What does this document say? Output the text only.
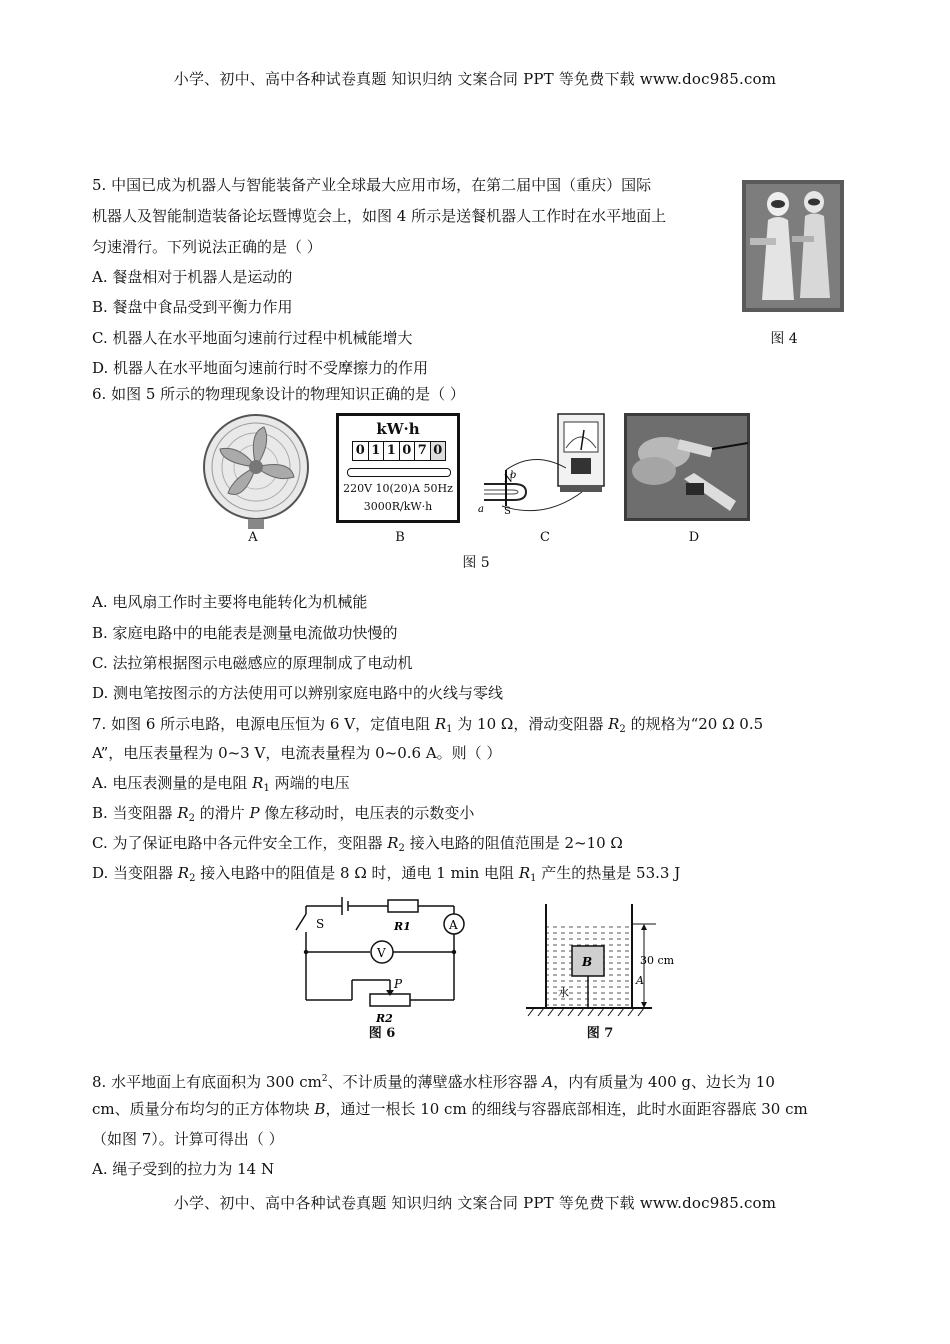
小学、初中、高中各种试卷真题 知识归纳 文案合同 PPT 等免费下载 www.doc985.com
5. 中国已成为机器人与智能装备产业全球最大应用市场，在第二届中国（重庆）国际
机器人及智能制造装备论坛暨博览会上，如图 4 所示是送餐机器人工作时在水平地面上
匀速滑行。下列说法正确的是（ ）
A. 餐盘相对于机器人是运动的
B. 餐盘中食品受到平衡力作用
C. 机器人在水平地面匀速前行过程中机械能增大
D. 机器人在水平地面匀速前行时不受摩擦力的作用
图 4
6. 如图 5 所示的物理现象设计的物理知识正确的是（ ）
kW·h
0 1 1 0 7 0
220V 10(20)A 50Hz
3000R/kW·h
N
b
a S
A	B	C	D
图 5
A. 电风扇工作时主要将电能转化为机械能
B. 家庭电路中的电能表是测量电流做功快慢的
C. 法拉第根据图示电磁感应的原理制成了电动机
D. 测电笔按图示的方法使用可以辨别家庭电路中的火线与零线
7. 如图 6 所示电路，电源电压恒为 6 V，定值电阻 $R_1$ 为 10 Ω，滑动变阻器 $R_2$ 的规格为“20 Ω 0.5
A”，电压表量程为 0~3 V，电流表量程为 0~0.6 A。则（ ）
A. 电压表测量的是电阻 $R_1$ 两端的电压
B. 当变阻器 $R_2$ 的滑片 P 像左移动时，电压表的示数变小
C. 为了保证电路中各元件安全工作，变阻器 $R_2$ 接入电路的阻值范围是 2~10 Ω
D. 当变阻器 $R_2$ 接入电路中的阻值是 8 Ω 时，通电 1 min 电阻 $R_1$ 产生的热量是 53.3 J
S	R1	A
V
P
R2
图 6
B
水
30 cm
A
图 7
8. 水平地面上有底面积为 300 $cm^2$、不计质量的薄壁盛水柱形容器 A，内有质量为 400 g、边长为 10
cm、质量分布均匀的正方体物块 B，通过一根长 10 cm 的细线与容器底部相连，此时水面距容器底 30 cm
（如图 7）。计算可得出（ ）
A. 绳子受到的拉力为 14 N
小学、初中、高中各种试卷真题 知识归纳 文案合同 PPT 等免费下载 www.doc985.com
